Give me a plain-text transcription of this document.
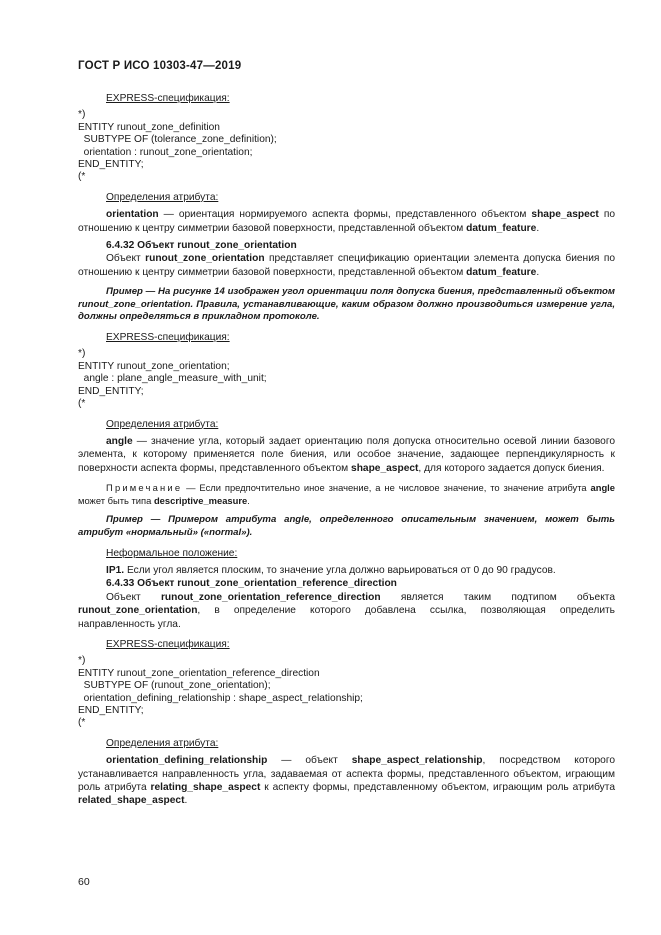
ГОСТ Р ИСО 10303-47—2019

EXPRESS-спецификация:

*)
ENTITY runout_zone_definition
SUBTYPE OF (tolerance_zone_definition);
orientation : runout_zone_orientation;
END_ENTITY;
(*

Определения атрибута:

orientation — ориентация нормируемого аспекта формы, представленного объектом shape_aspect по отношению к центру симметрии базовой поверхности, представленной объектом datum_feature.

6.4.32 Объект runout_zone_orientation

Объект runout_zone_orientation представляет спецификацию ориентации элемента допуска биения по отношению к центру симметрии базовой поверхности, представленной объектом datum_feature.

Пример — На рисунке 14 изображен угол ориентации поля допуска биения, представленный объектом runout_zone_orientation. Правила, устанавливающие, каким образом должно производиться измерение угла, должны определяться в прикладном протоколе.

EXPRESS-спецификация:

*)
ENTITY runout_zone_orientation;
angle : plane_angle_measure_with_unit;
END_ENTITY;
(*

Определения атрибута:

angle — значение угла, который задает ориентацию поля допуска относительно осевой линии базового элемента, к которому применяется поле биения, или особое значение, задающее перпендикулярность к поверхности аспекта формы, представленного объектом shape_aspect, для которого задается допуск биения.

Примечание — Если предпочтительно иное значение, а не числовое значение, то значение атрибута angle может быть типа descriptive_measure.

Пример — Примером атрибута angle, определенного описательным значением, может быть атрибут «нормальный» («normal»).

Неформальное положение:

IP1. Если угол является плоским, то значение угла должно варьироваться от 0 до 90 градусов.

6.4.33 Объект runout_zone_orientation_reference_direction

Объект runout_zone_orientation_reference_direction является таким подтипом объекта runout_zone_orientation, в определение которого добавлена ссылка, позволяющая определить направленность угла.

EXPRESS-спецификация:

*)
ENTITY runout_zone_orientation_reference_direction
SUBTYPE OF (runout_zone_orientation);
orientation_defining_relationship : shape_aspect_relationship;
END_ENTITY;
(*

Определения атрибута:

orientation_defining_relationship — объект shape_aspect_relationship, посредством которого устанавливается направленность угла, задаваемая от аспекта формы, представленного объектом, играющим роль атрибута relating_shape_aspect к аспекту формы, представленному объектом, играющим роль атрибута related_shape_aspect.

60
